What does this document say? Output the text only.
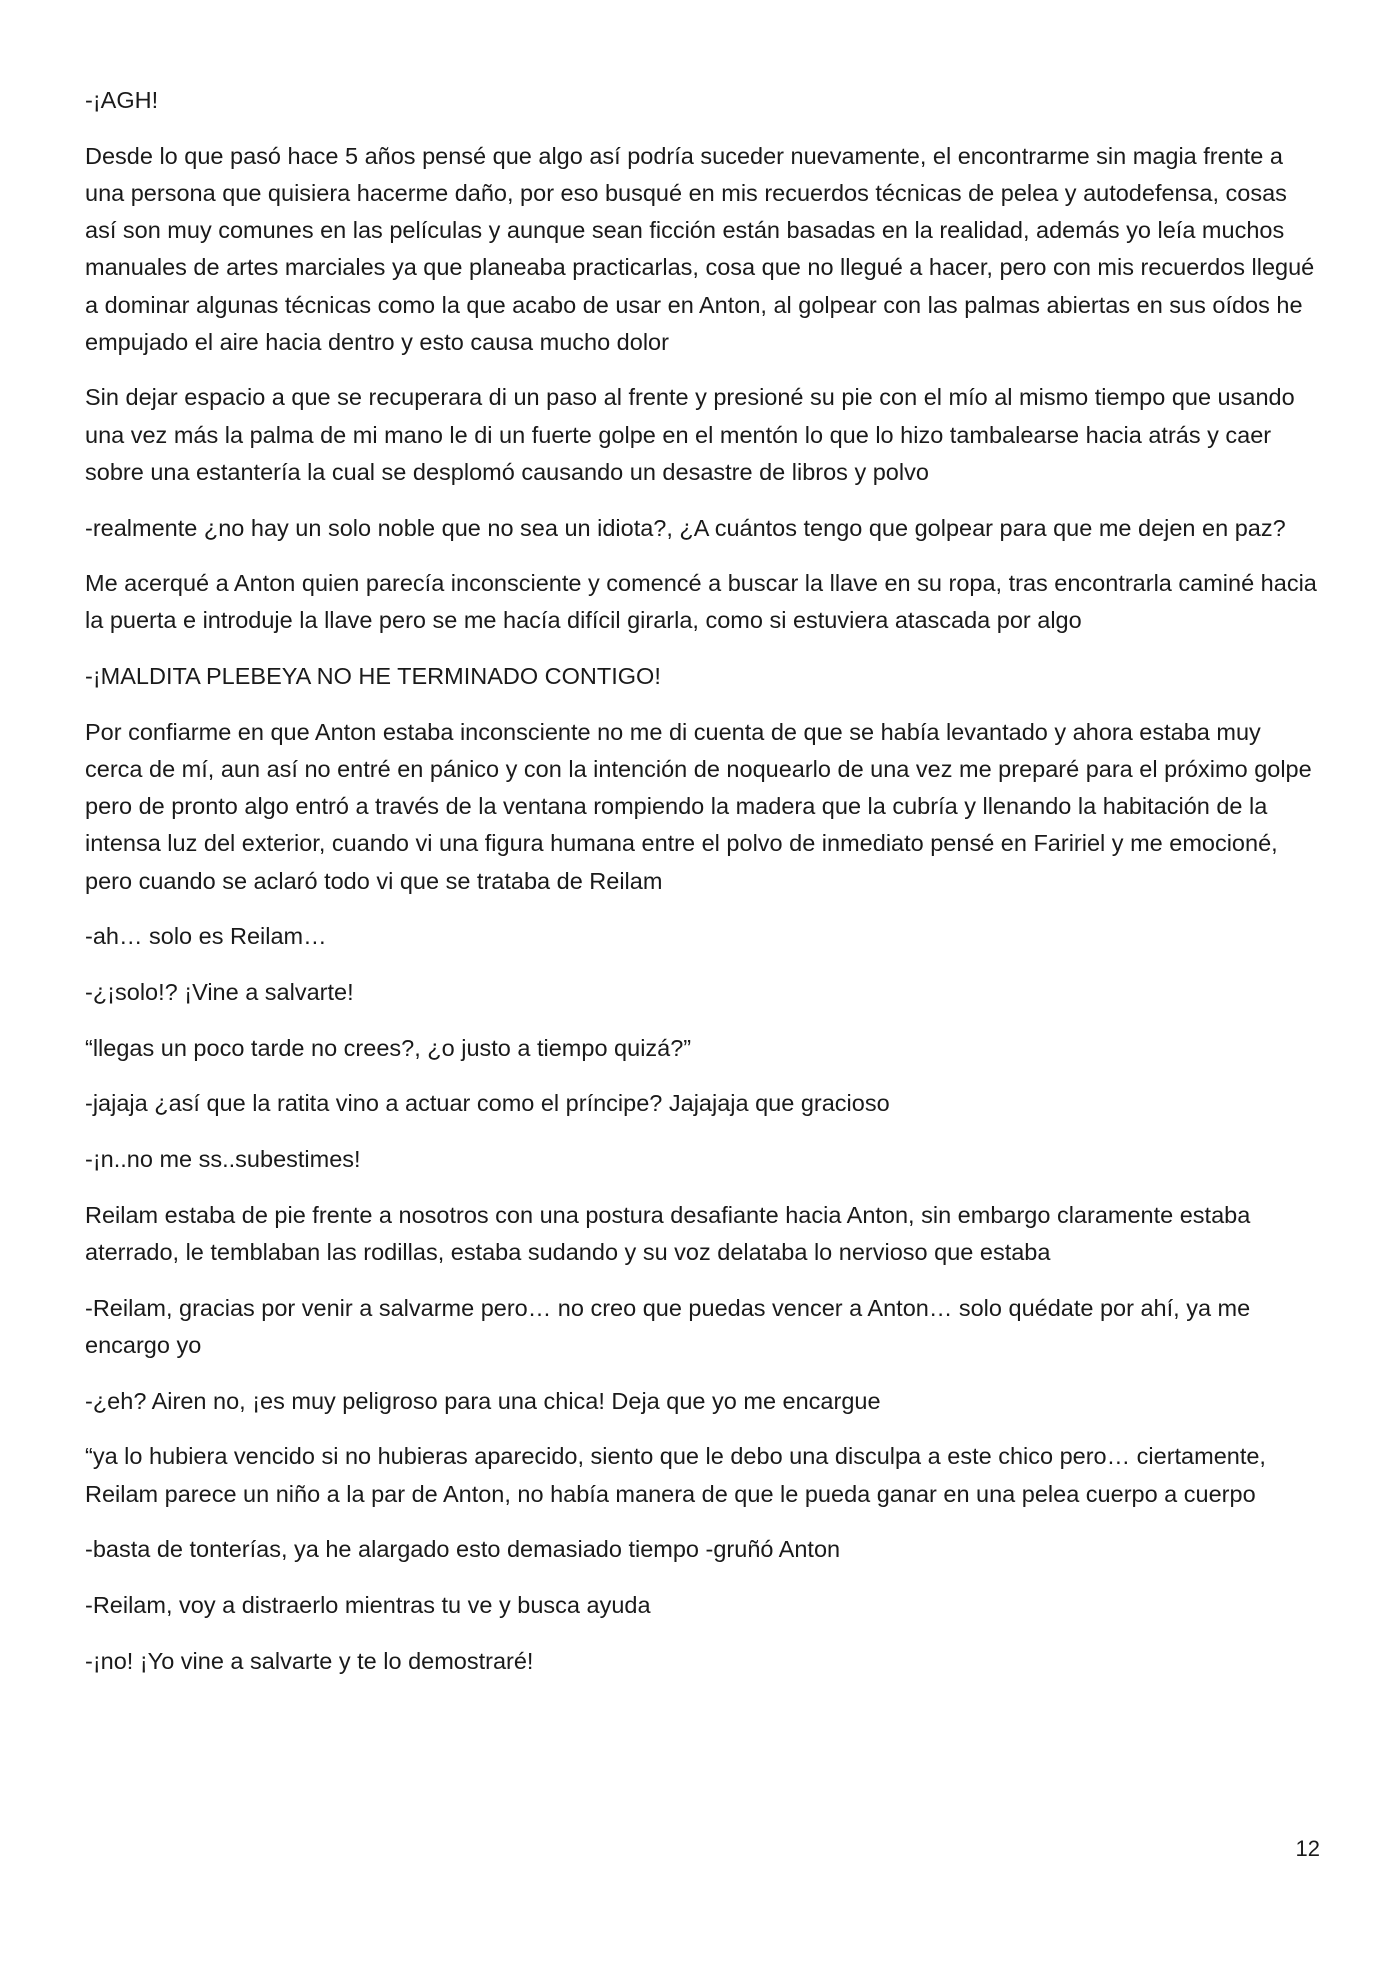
-¡AGH!

Desde lo que pasó hace 5 años pensé que algo así podría suceder nuevamente, el encontrarme sin magia frente a una persona que quisiera hacerme daño, por eso busqué en mis recuerdos técnicas de pelea y autodefensa, cosas así son muy comunes en las películas y aunque sean ficción están basadas en la realidad, además yo leía muchos manuales de artes marciales ya que planeaba practicarlas, cosa que no llegué a hacer, pero con mis recuerdos llegué a dominar algunas técnicas como la que acabo de usar en Anton, al golpear con las palmas abiertas en sus oídos he empujado el aire hacia dentro y esto causa mucho dolor

Sin dejar espacio a que se recuperara di un paso al frente y presioné su pie con el mío al mismo tiempo que usando una vez más la palma de mi mano le di un fuerte golpe en el mentón lo que lo hizo tambalearse hacia atrás y caer sobre una estantería la cual se desplomó causando un desastre de libros y polvo

-realmente ¿no hay un solo noble que no sea un idiota?, ¿A cuántos tengo que golpear para que me dejen en paz?

Me acerqué a Anton quien parecía inconsciente y comencé a buscar la llave en su ropa, tras encontrarla caminé hacia la puerta e introduje la llave pero se me hacía difícil girarla, como si estuviera atascada por algo

-¡MALDITA PLEBEYA NO HE TERMINADO CONTIGO!

Por confiarme en que Anton estaba inconsciente no me di cuenta de que se había levantado y ahora estaba muy cerca de mí, aun así no entré en pánico y con la intención de noquearlo de una vez me preparé para el próximo golpe pero de pronto algo entró a través de la ventana rompiendo la madera que la cubría y llenando la habitación de la intensa luz del exterior, cuando vi una figura humana entre el polvo de inmediato pensé en Faririel y me emocioné, pero cuando se aclaró todo vi que se trataba de Reilam

-ah… solo es Reilam…

-¿¡solo!? ¡Vine a salvarte!

“llegas un poco tarde no crees?, ¿o justo a tiempo quizá?”

-jajaja ¿así que la ratita vino a actuar como el príncipe? Jajajaja que gracioso

-¡n..no me ss..subestimes!

Reilam estaba de pie frente a nosotros con una postura desafiante hacia Anton, sin embargo claramente estaba aterrado, le temblaban las rodillas, estaba sudando y su voz delataba lo nervioso que estaba

-Reilam, gracias por venir a salvarme pero… no creo que puedas vencer a Anton… solo quédate por ahí, ya me encargo yo

-¿eh? Airen no, ¡es muy peligroso para una chica! Deja que yo me encargue

“ya lo hubiera vencido si no hubieras aparecido, siento que le debo una disculpa a este chico pero… ciertamente, Reilam parece un niño a la par de Anton, no había manera de que le pueda ganar en una pelea cuerpo a cuerpo

-basta de tonterías, ya he alargado esto demasiado tiempo -gruñó Anton

-Reilam, voy a distraerlo mientras tu ve y busca ayuda

-¡no! ¡Yo vine a salvarte y te lo demostraré!

12
